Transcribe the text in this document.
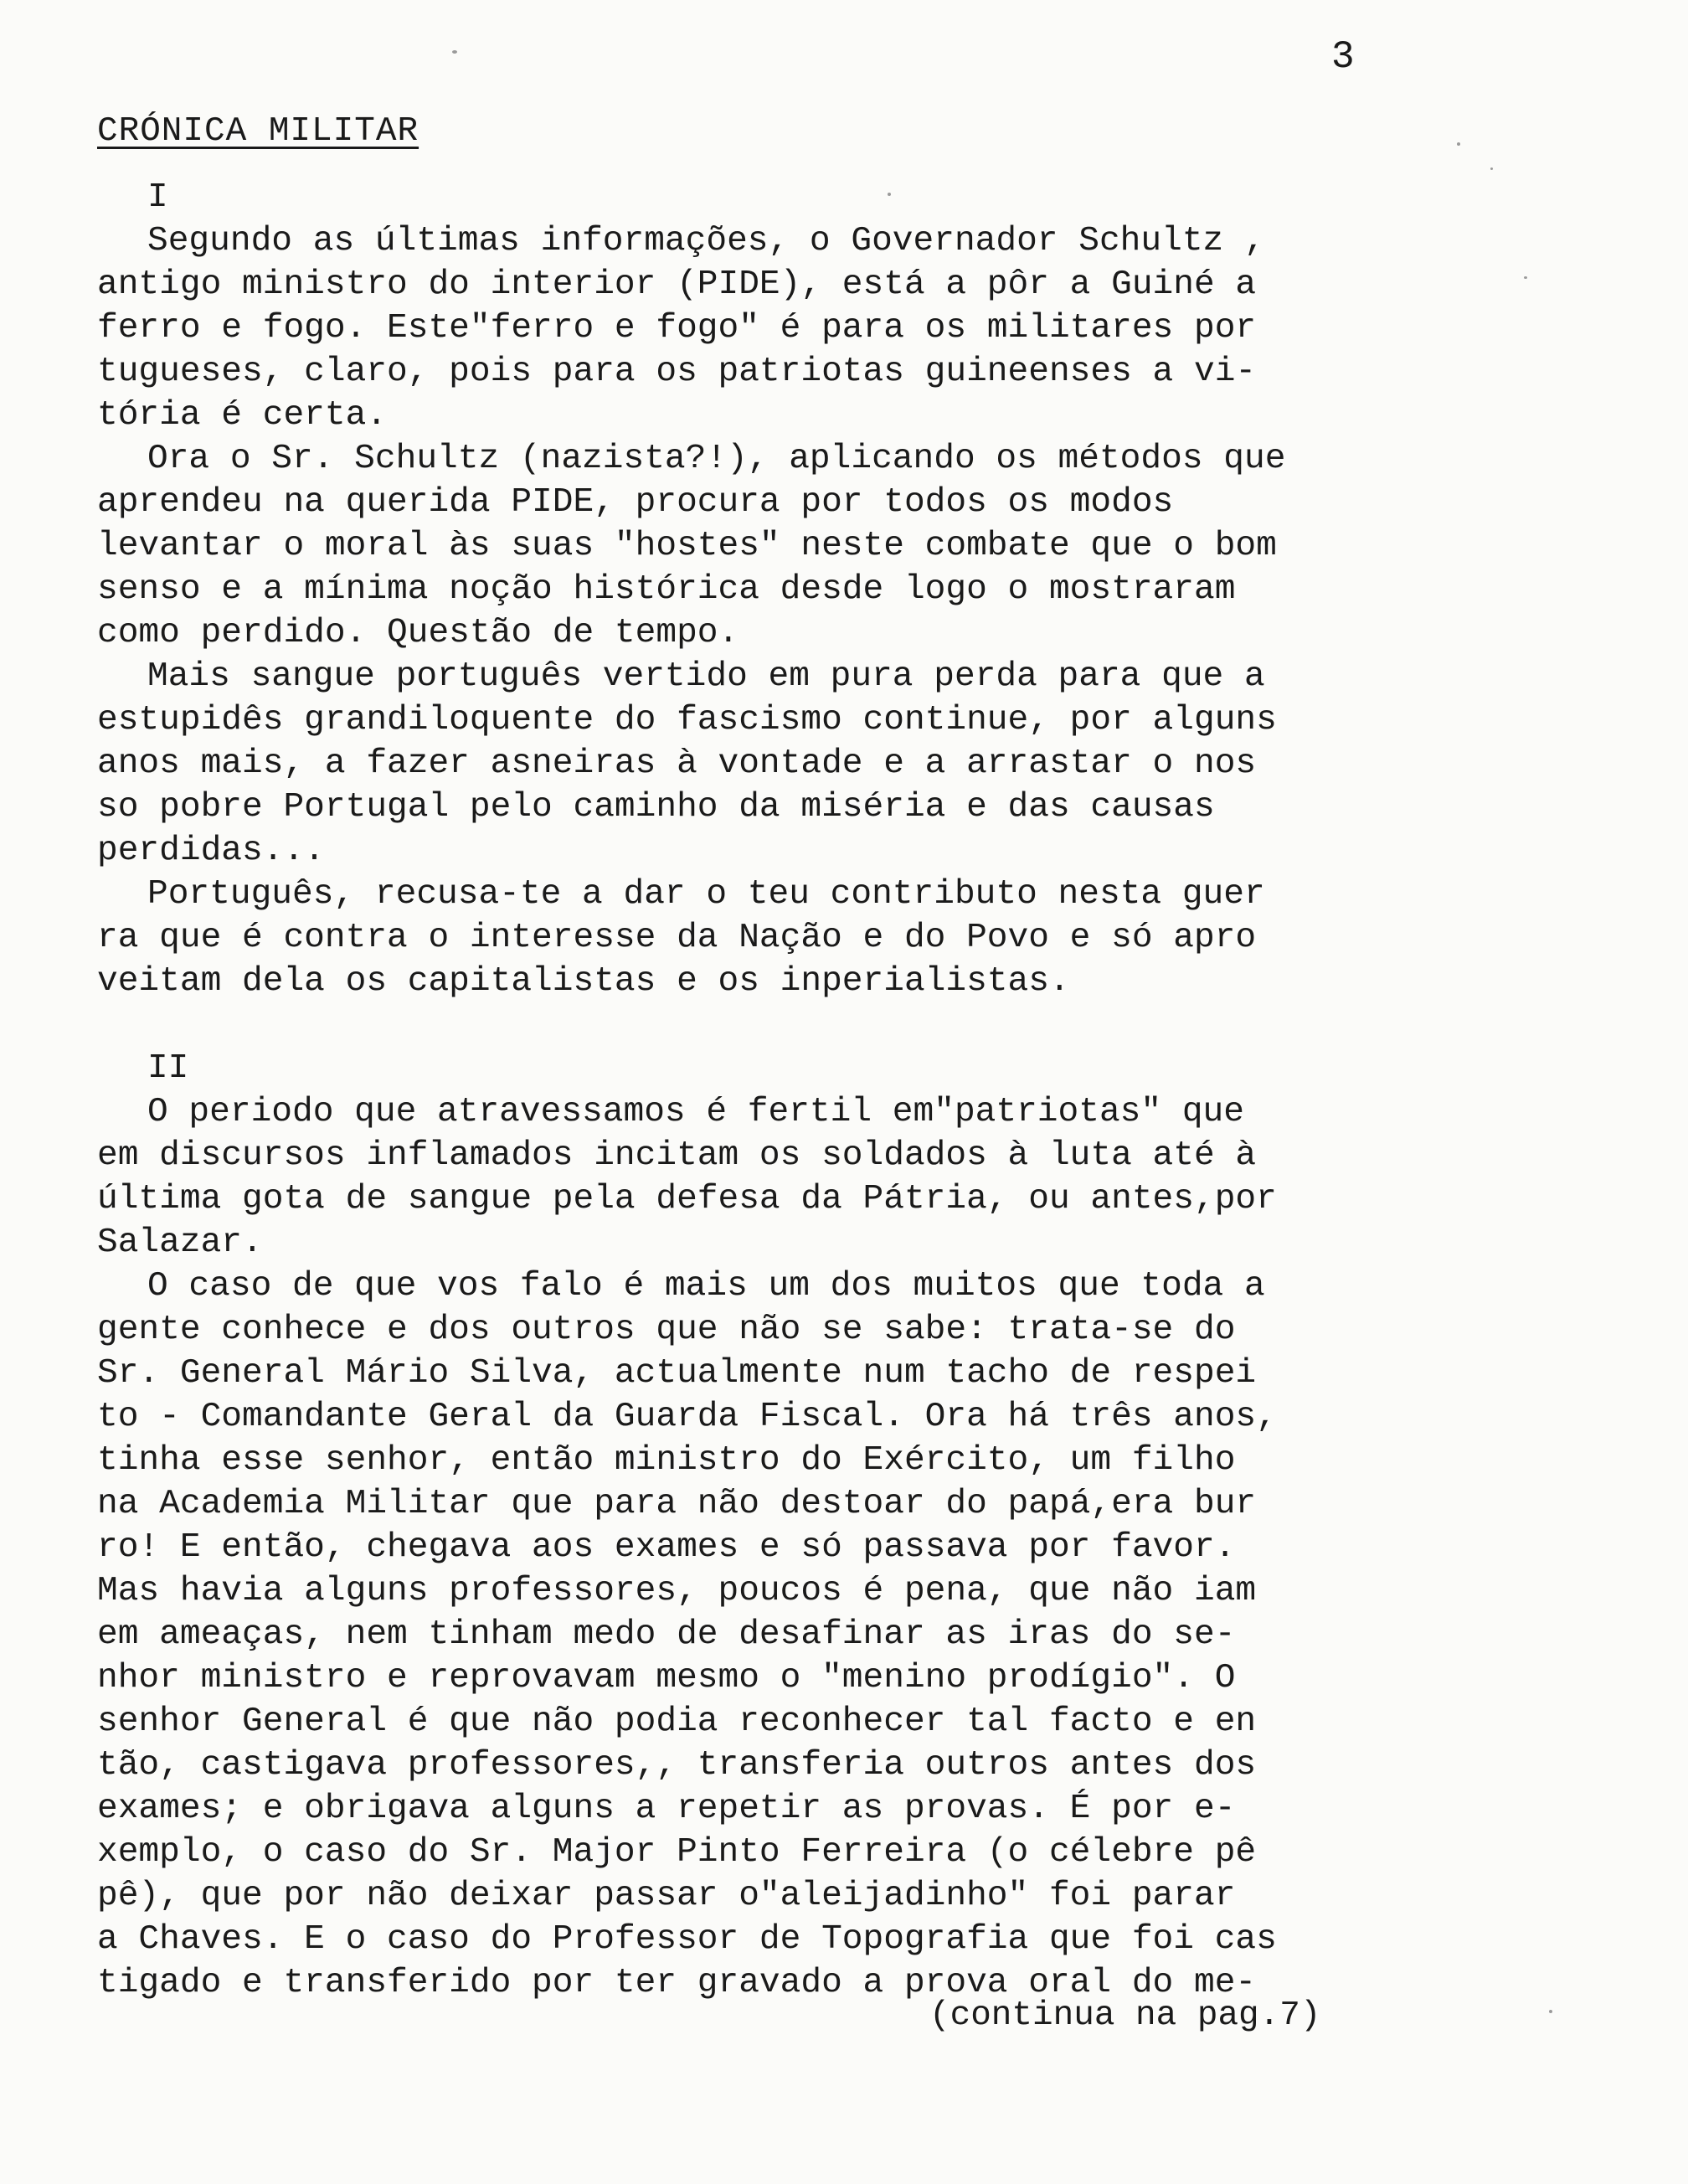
3
CRÓNICA MILITAR
I
Segundo as últimas informações, o Governador Schultz ,
antigo ministro do interior (PIDE), está a pôr a Guiné a
ferro e fogo. Este"ferro e fogo" é para os militares por
tugueses, claro, pois para os patriotas guineenses a vi-
tória é certa.
Ora o Sr. Schultz (nazista?!), aplicando os métodos que
aprendeu na querida PIDE, procura por todos os modos
levantar o moral às suas "hostes" neste combate que o bom
senso e a mínima noção histórica desde logo o mostraram
como perdido. Questão de tempo.
Mais sangue português vertido em pura perda para que a
estupidês grandiloquente do fascismo continue, por alguns
anos mais, a fazer asneiras à vontade e a arrastar o nos
so pobre Portugal pelo caminho da miséria e das causas
perdidas...
Português, recusa-te a dar o teu contributo nesta guer
ra que é contra o interesse da Nação e do Povo e só apro
veitam dela os capitalistas e os inperialistas.
II
O periodo que atravessamos é fertil em"patriotas" que
em discursos inflamados incitam os soldados à luta até à
última gota de sangue pela defesa da Pátria, ou antes,por
Salazar.
O caso de que vos falo é mais um dos muitos que toda a
gente conhece e dos outros que não se sabe: trata-se do
Sr. General Mário Silva, actualmente num tacho de respei
to - Comandante Geral da Guarda Fiscal. Ora há três anos,
tinha esse senhor, então ministro do Exército, um filho
na Academia Militar que para não destoar do papá,era bur
ro! E então, chegava aos exames e só passava por favor.
Mas havia alguns professores, poucos é pena, que não iam
em ameaças, nem tinham medo de desafinar as iras do se-
nhor ministro e reprovavam mesmo o "menino prodígio". O
senhor General é que não podia reconhecer tal facto e en
tão, castigava professores,, transferia outros antes dos
exames; e obrigava alguns a repetir as provas. É por e-
xemplo, o caso do Sr. Major Pinto Ferreira (o célebre pê
pê), que por não deixar passar o"aleijadinho" foi parar
a Chaves. E o caso do Professor de Topografia que foi cas
tigado e transferido por ter gravado a prova oral do me-
(continua na pag.7)
